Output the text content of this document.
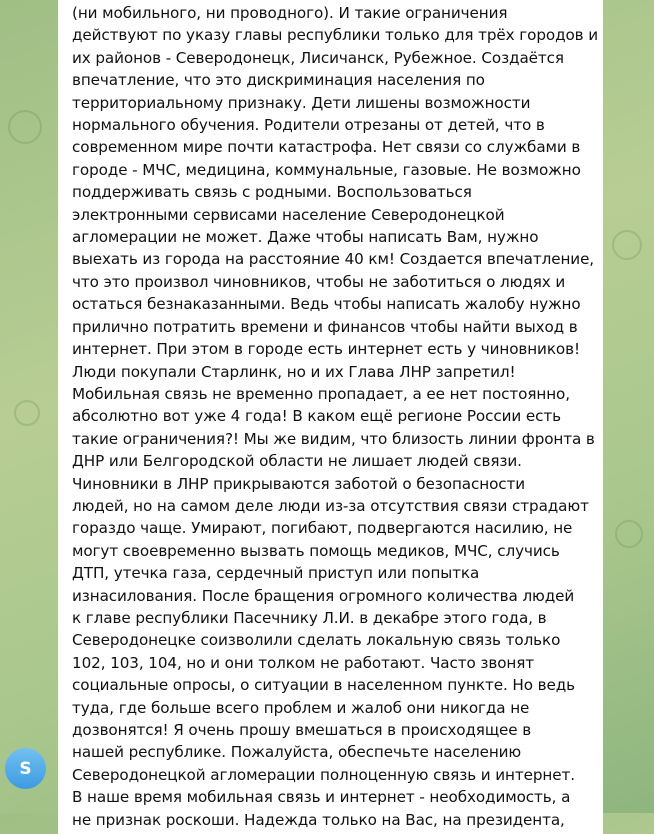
(ни мобильного, ни проводного). И такие ограничения
действуют по указу главы республики только для трёх городов и
их районов - Северодонецк, Лисичанск, Рубежное. Создаётся
впечатление, что это дискриминация населения по
территориальному признаку. Дети лишены возможности
нормального обучения. Родители отрезаны от детей, что в
современном мире почти катастрофа. Нет связи со службами в
городе - МЧС, медицина, коммунальные, газовые. Не возможно
поддерживать связь с родными. Воспользоваться
электронными сервисами население Северодонецкой
агломерации не может. Даже чтобы написать Вам, нужно
выехать из города на расстояние 40 км! Создается впечатление,
что это произвол чиновников, чтобы не заботиться о людях и
остаться безнаказанными. Ведь чтобы написать жалобу нужно
прилично потратить времени и финансов чтобы найти выход в
интернет. При этом в городе есть интернет есть у чиновников!
Люди покупали Старлинк, но и их Глава ЛНР запретил!
Мобильная связь не временно пропадает, а ее нет постоянно,
абсолютно вот уже 4 года! В каком ещё регионе России есть
такие ограничения?! Мы же видим, что близость линии фронта в
ДНР или Белгородской области не лишает людей связи.
Чиновники в ЛНР прикрываются заботой о безопасности
людей, но на самом деле люди из-за отсутствия связи страдают
гораздо чаще. Умирают, погибают, подвергаются насилию, не
могут своевременно вызвать помощь медиков, МЧС, случись
ДТП, утечка газа, сердечный приступ или попытка
изнасилования. После бращения огромного количества людей
к главе республики Пасечнику Л.И. в декабре этого года, в
Северодонецке соизволили сделать локальную связь только
102, 103, 104, но и они толком не работают. Часто звонят
социальные опросы, о ситуации в населенном пункте. Но ведь
туда, где больше всего проблем и жалоб они никогда не
дозвонятся! Я очень прошу вмешаться в происходящее в
нашей республике. Пожалуйста, обеспечьте населению
Северодонецкой агломерации полноценную связь и интернет.
В наше время мобильная связь и интернет - необходимость, а
не признак роскоши. Надежда только на Вас, на президента,
S
